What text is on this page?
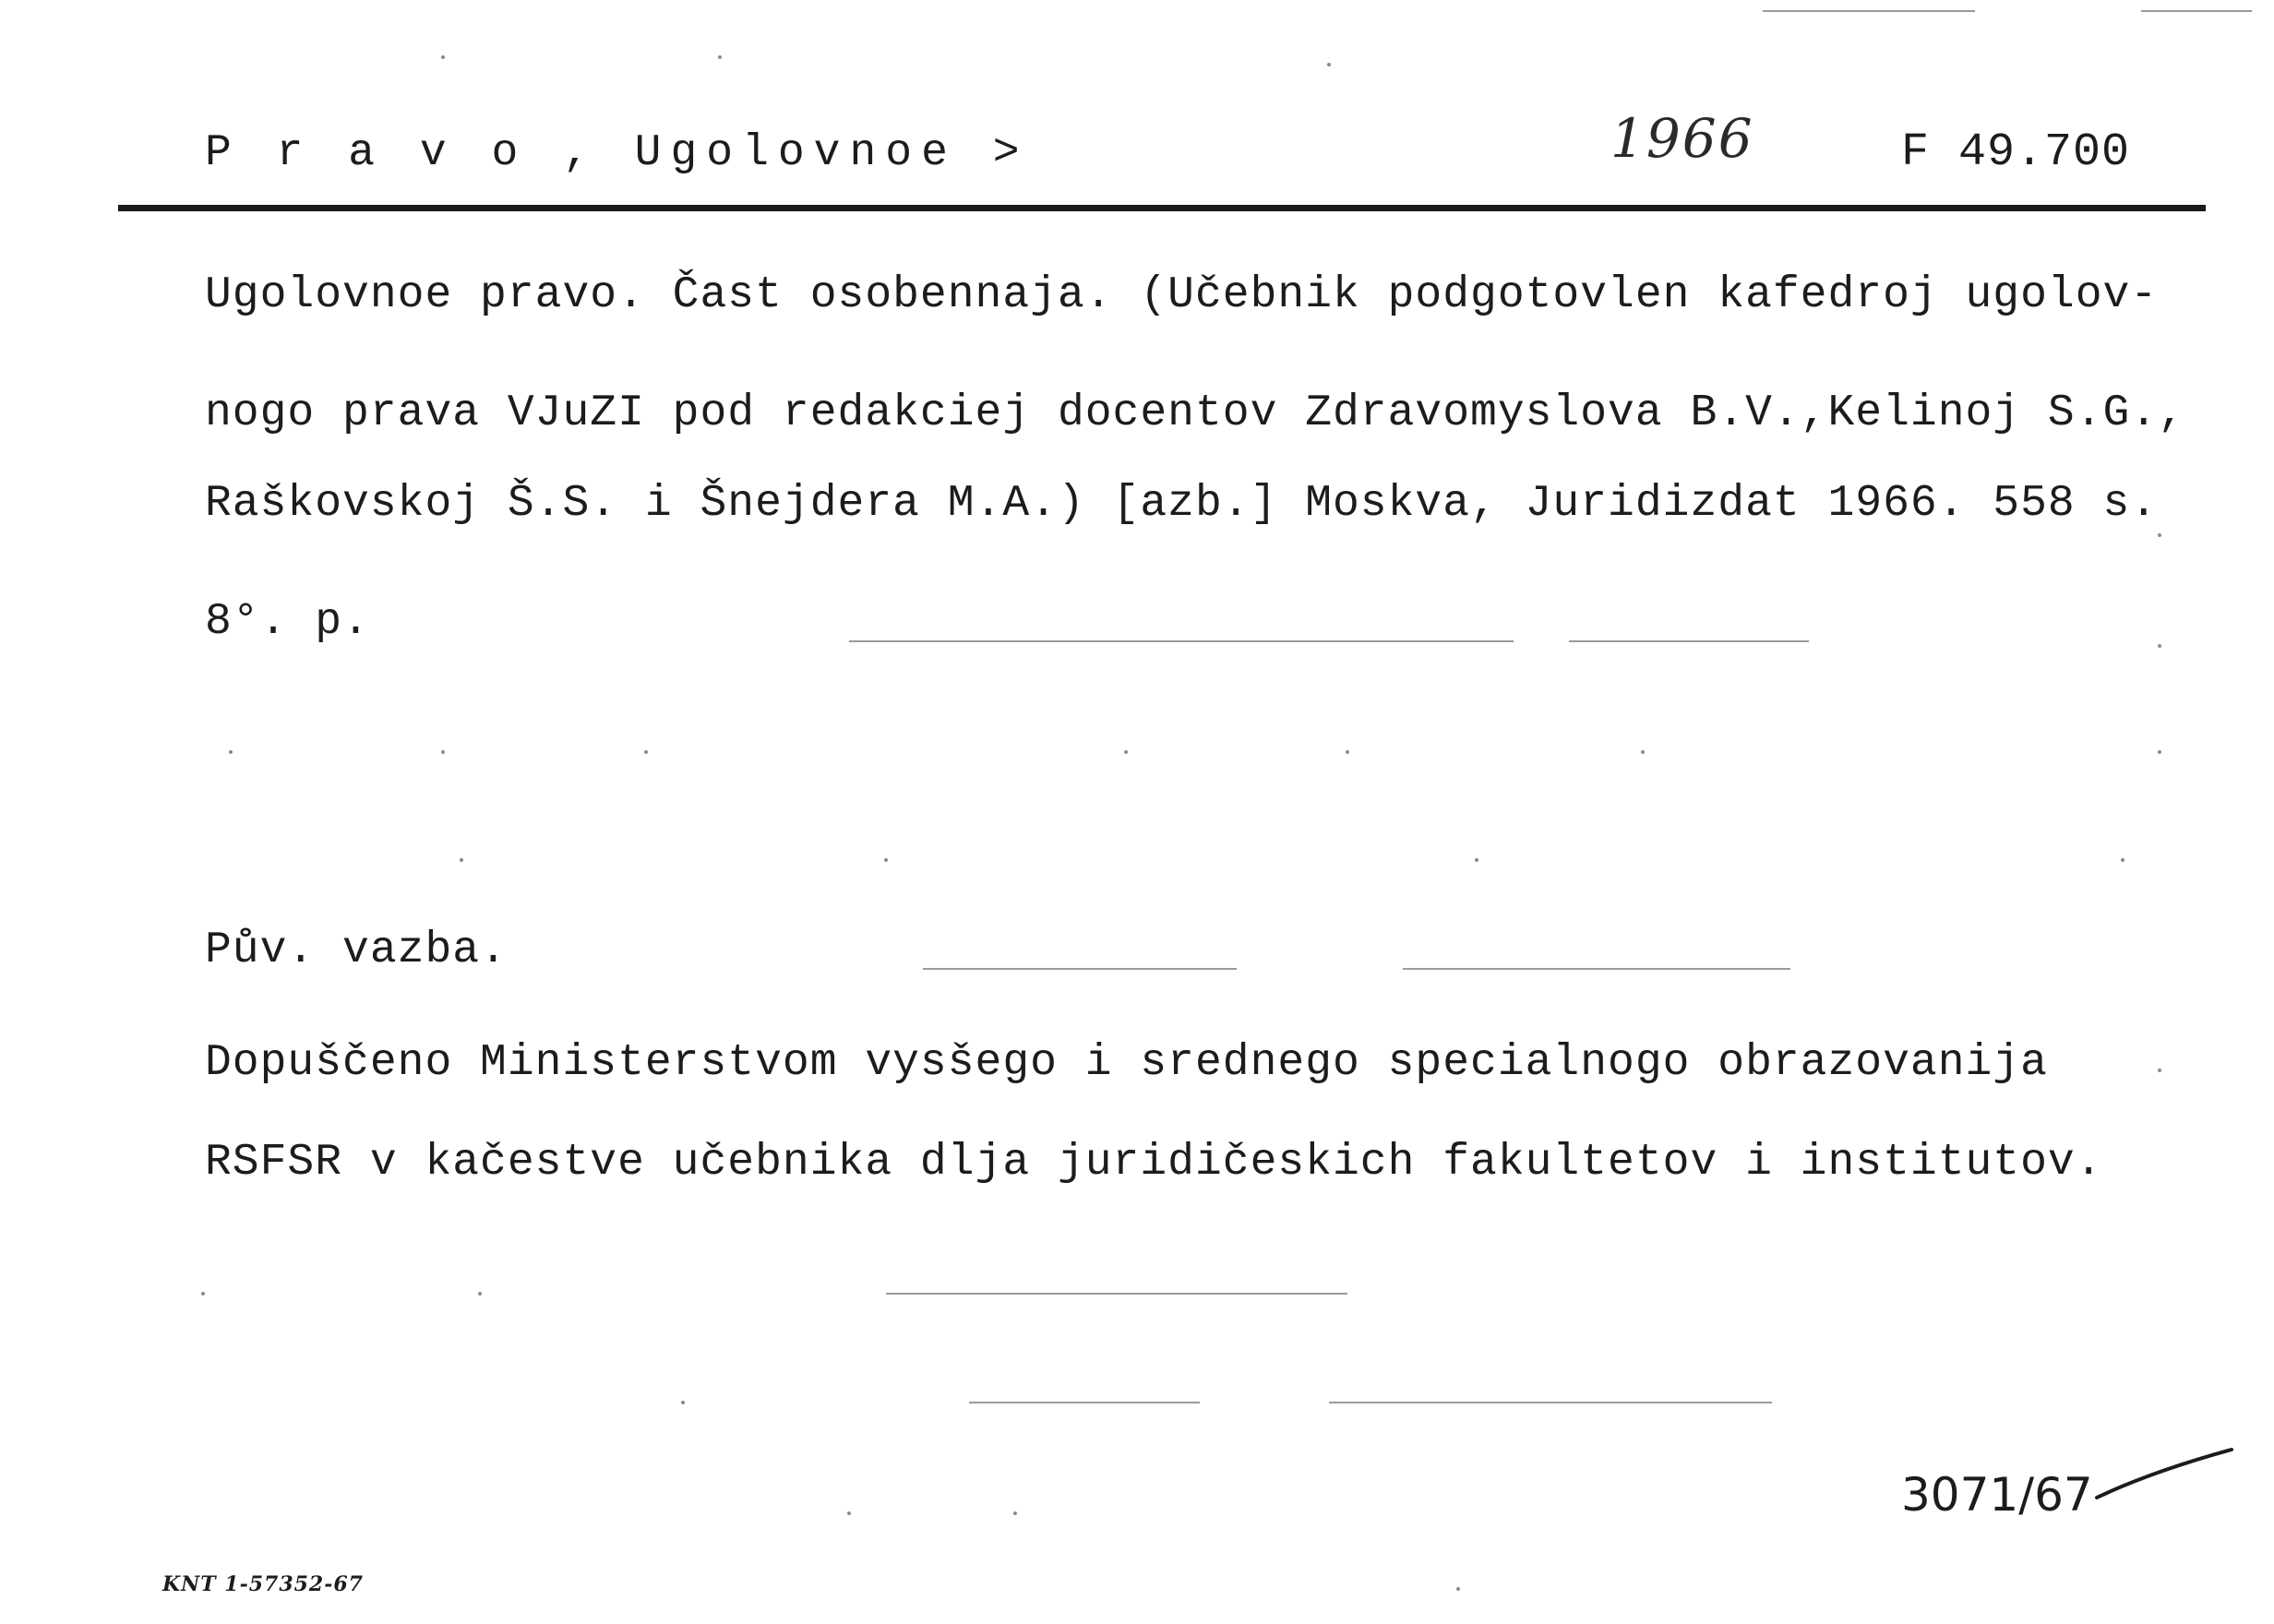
P r a v o , Ugolovnoe >	1966	F 49.700
Ugolovnoe pravo. Čast osobennaja. (Učebnik podgotovlen kafedroj ugolov-
nogo prava VJuZI pod redakciej docentov Zdravomyslova B.V.,Kelinoj S.G.,
Raškovskoj Š.S. i Šnejdera M.A.) [azb.] Moskva, Juridizdat 1966. 558 s.
8°. p.
Pův. vazba.
Dopuščeno Ministerstvom vysšego i srednego specialnogo obrazovanija
RSFSR v kačestve učebnika dlja juridičeskich fakultetov i institutov.
3071/67
KNT 1-57352-67
